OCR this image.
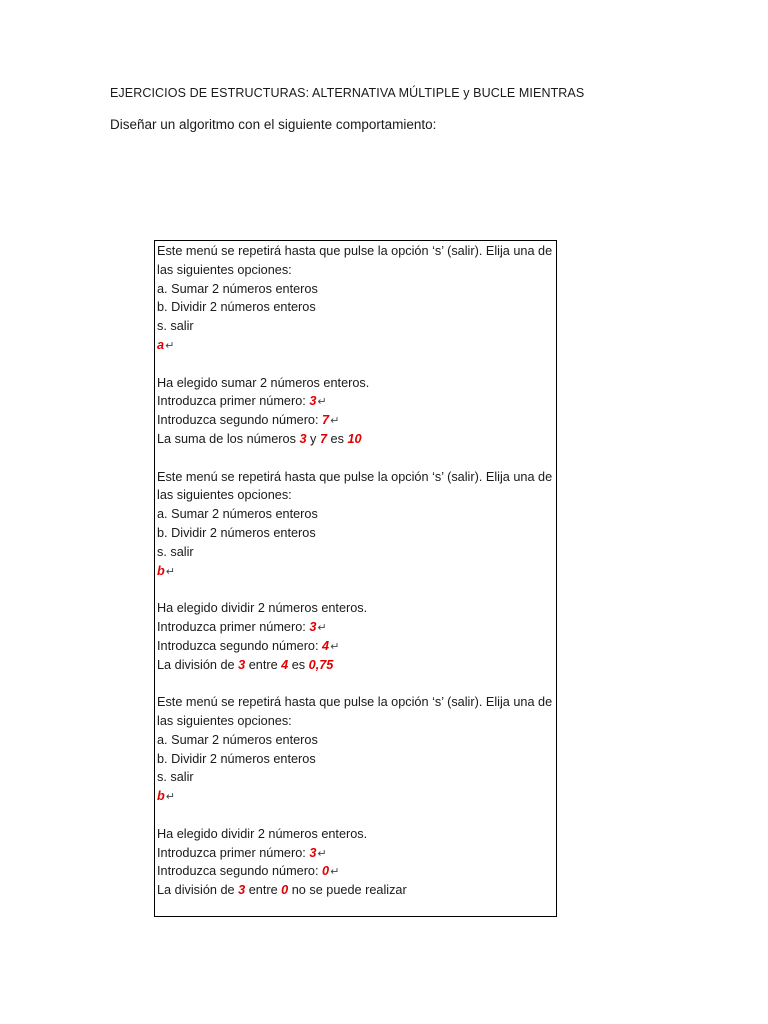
EJERCICIOS DE ESTRUCTURAS: ALTERNATIVA MÚLTIPLE y BUCLE MIENTRAS
Diseñar un algoritmo con el siguiente comportamiento:
Este menú se repetirá hasta que pulse la opción ‘s’ (salir). Elija una de
las siguientes opciones:
a. Sumar 2 números enteros
b. Dividir 2 números enteros
s. salir
a↵
Ha elegido sumar 2 números enteros.
Introduzca primer número: 3↵
Introduzca segundo número: 7↵
La suma de los números 3 y 7 es 10
Este menú se repetirá hasta que pulse la opción ‘s’ (salir). Elija una de
las siguientes opciones:
a. Sumar 2 números enteros
b. Dividir 2 números enteros
s. salir
b↵
Ha elegido dividir 2 números enteros.
Introduzca primer número: 3↵
Introduzca segundo número: 4↵
La división de 3 entre 4 es 0,75
Este menú se repetirá hasta que pulse la opción ‘s’ (salir). Elija una de
las siguientes opciones:
a. Sumar 2 números enteros
b. Dividir 2 números enteros
s. salir
b↵
Ha elegido dividir 2 números enteros.
Introduzca primer número: 3↵
Introduzca segundo número: 0↵
La división de 3 entre 0 no se puede realizar
